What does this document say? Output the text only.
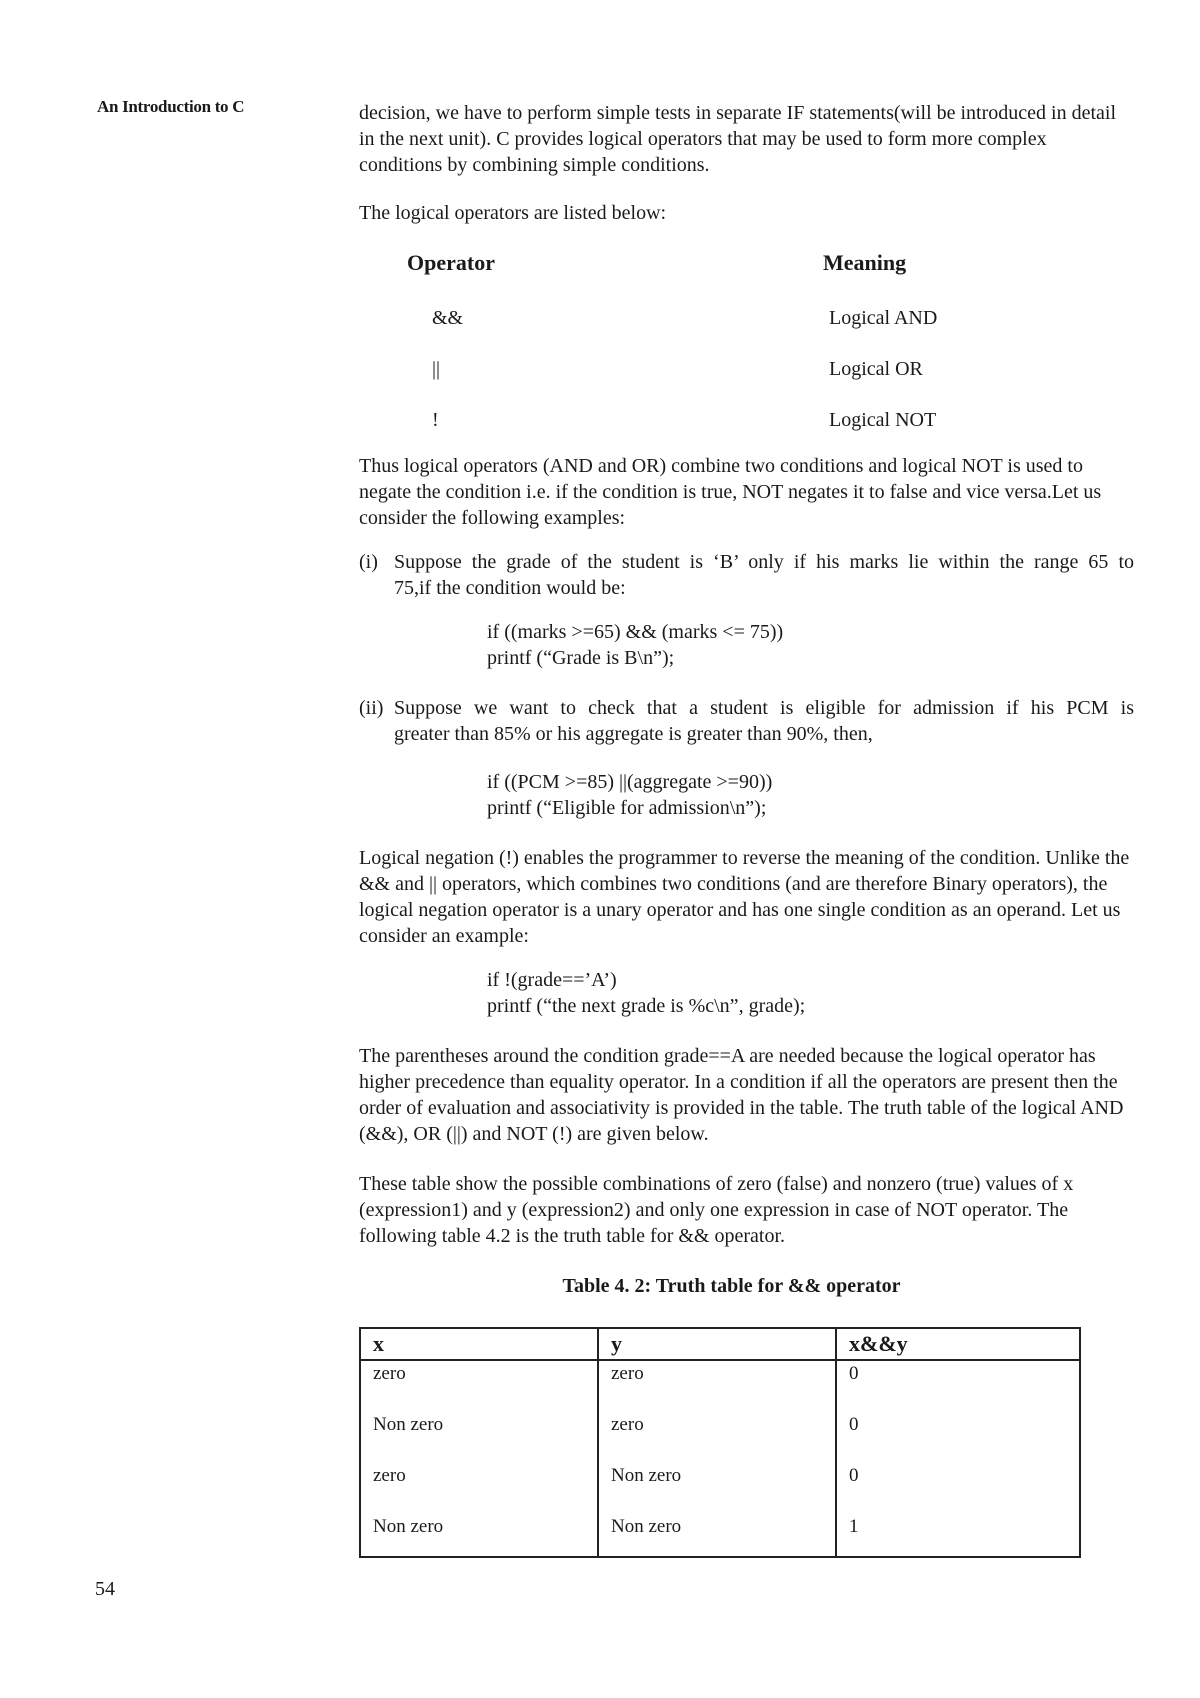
An Introduction to C	decision, we have to perform simple tests in separate IF statements(will be introduced in detail in the next unit). C provides logical operators that may be used to form more complex conditions by combining simple conditions.

The logical operators are listed below:

Operator	Meaning
&&	Logical AND
||	Logical OR
!	Logical NOT

Thus logical operators (AND and OR) combine two conditions and logical NOT is used to negate the condition i.e. if the condition is true, NOT negates it to false and vice versa.Let us consider the following examples:

(i) Suppose the grade of the student is ‘B’ only if his marks lie within the range 65 to
75,if the condition would be:
if ((marks >=65) && (marks <= 75))
printf (“Grade is B\n”);
(ii) Suppose we want to check that a student is eligible for admission if his PCM is
greater than 85% or his aggregate is greater than 90%, then,
if ((PCM >=85) ||(aggregate >=90))
printf (“Eligible for admission\n”);

Logical negation (!) enables the programmer to reverse the meaning of the condition. Unlike the && and || operators, which combines two conditions (and are therefore Binary operators), the logical negation operator is a unary operator and has one single condition as an operand. Let us consider an example:

if !(grade==’A’)
printf (“the next grade is %c\n”, grade);

The parentheses around the condition grade==A are needed because the logical operator has higher precedence than equality operator. In a condition if all the operators are present then the order of evaluation and associativity is provided in the table. The truth table of the logical AND (&&), OR (||) and NOT (!) are given below.

These table show the possible combinations of zero (false) and nonzero (true) values of x (expression1) and y (expression2) and only one expression in case of NOT operator. The following table 4.2 is the truth table for && operator.

Table 4. 2: Truth table for && operator
x	y	x&&y
zero	zero	0
Non zero	zero	0
zero	Non zero	0
Non zero	Non zero	1
54
